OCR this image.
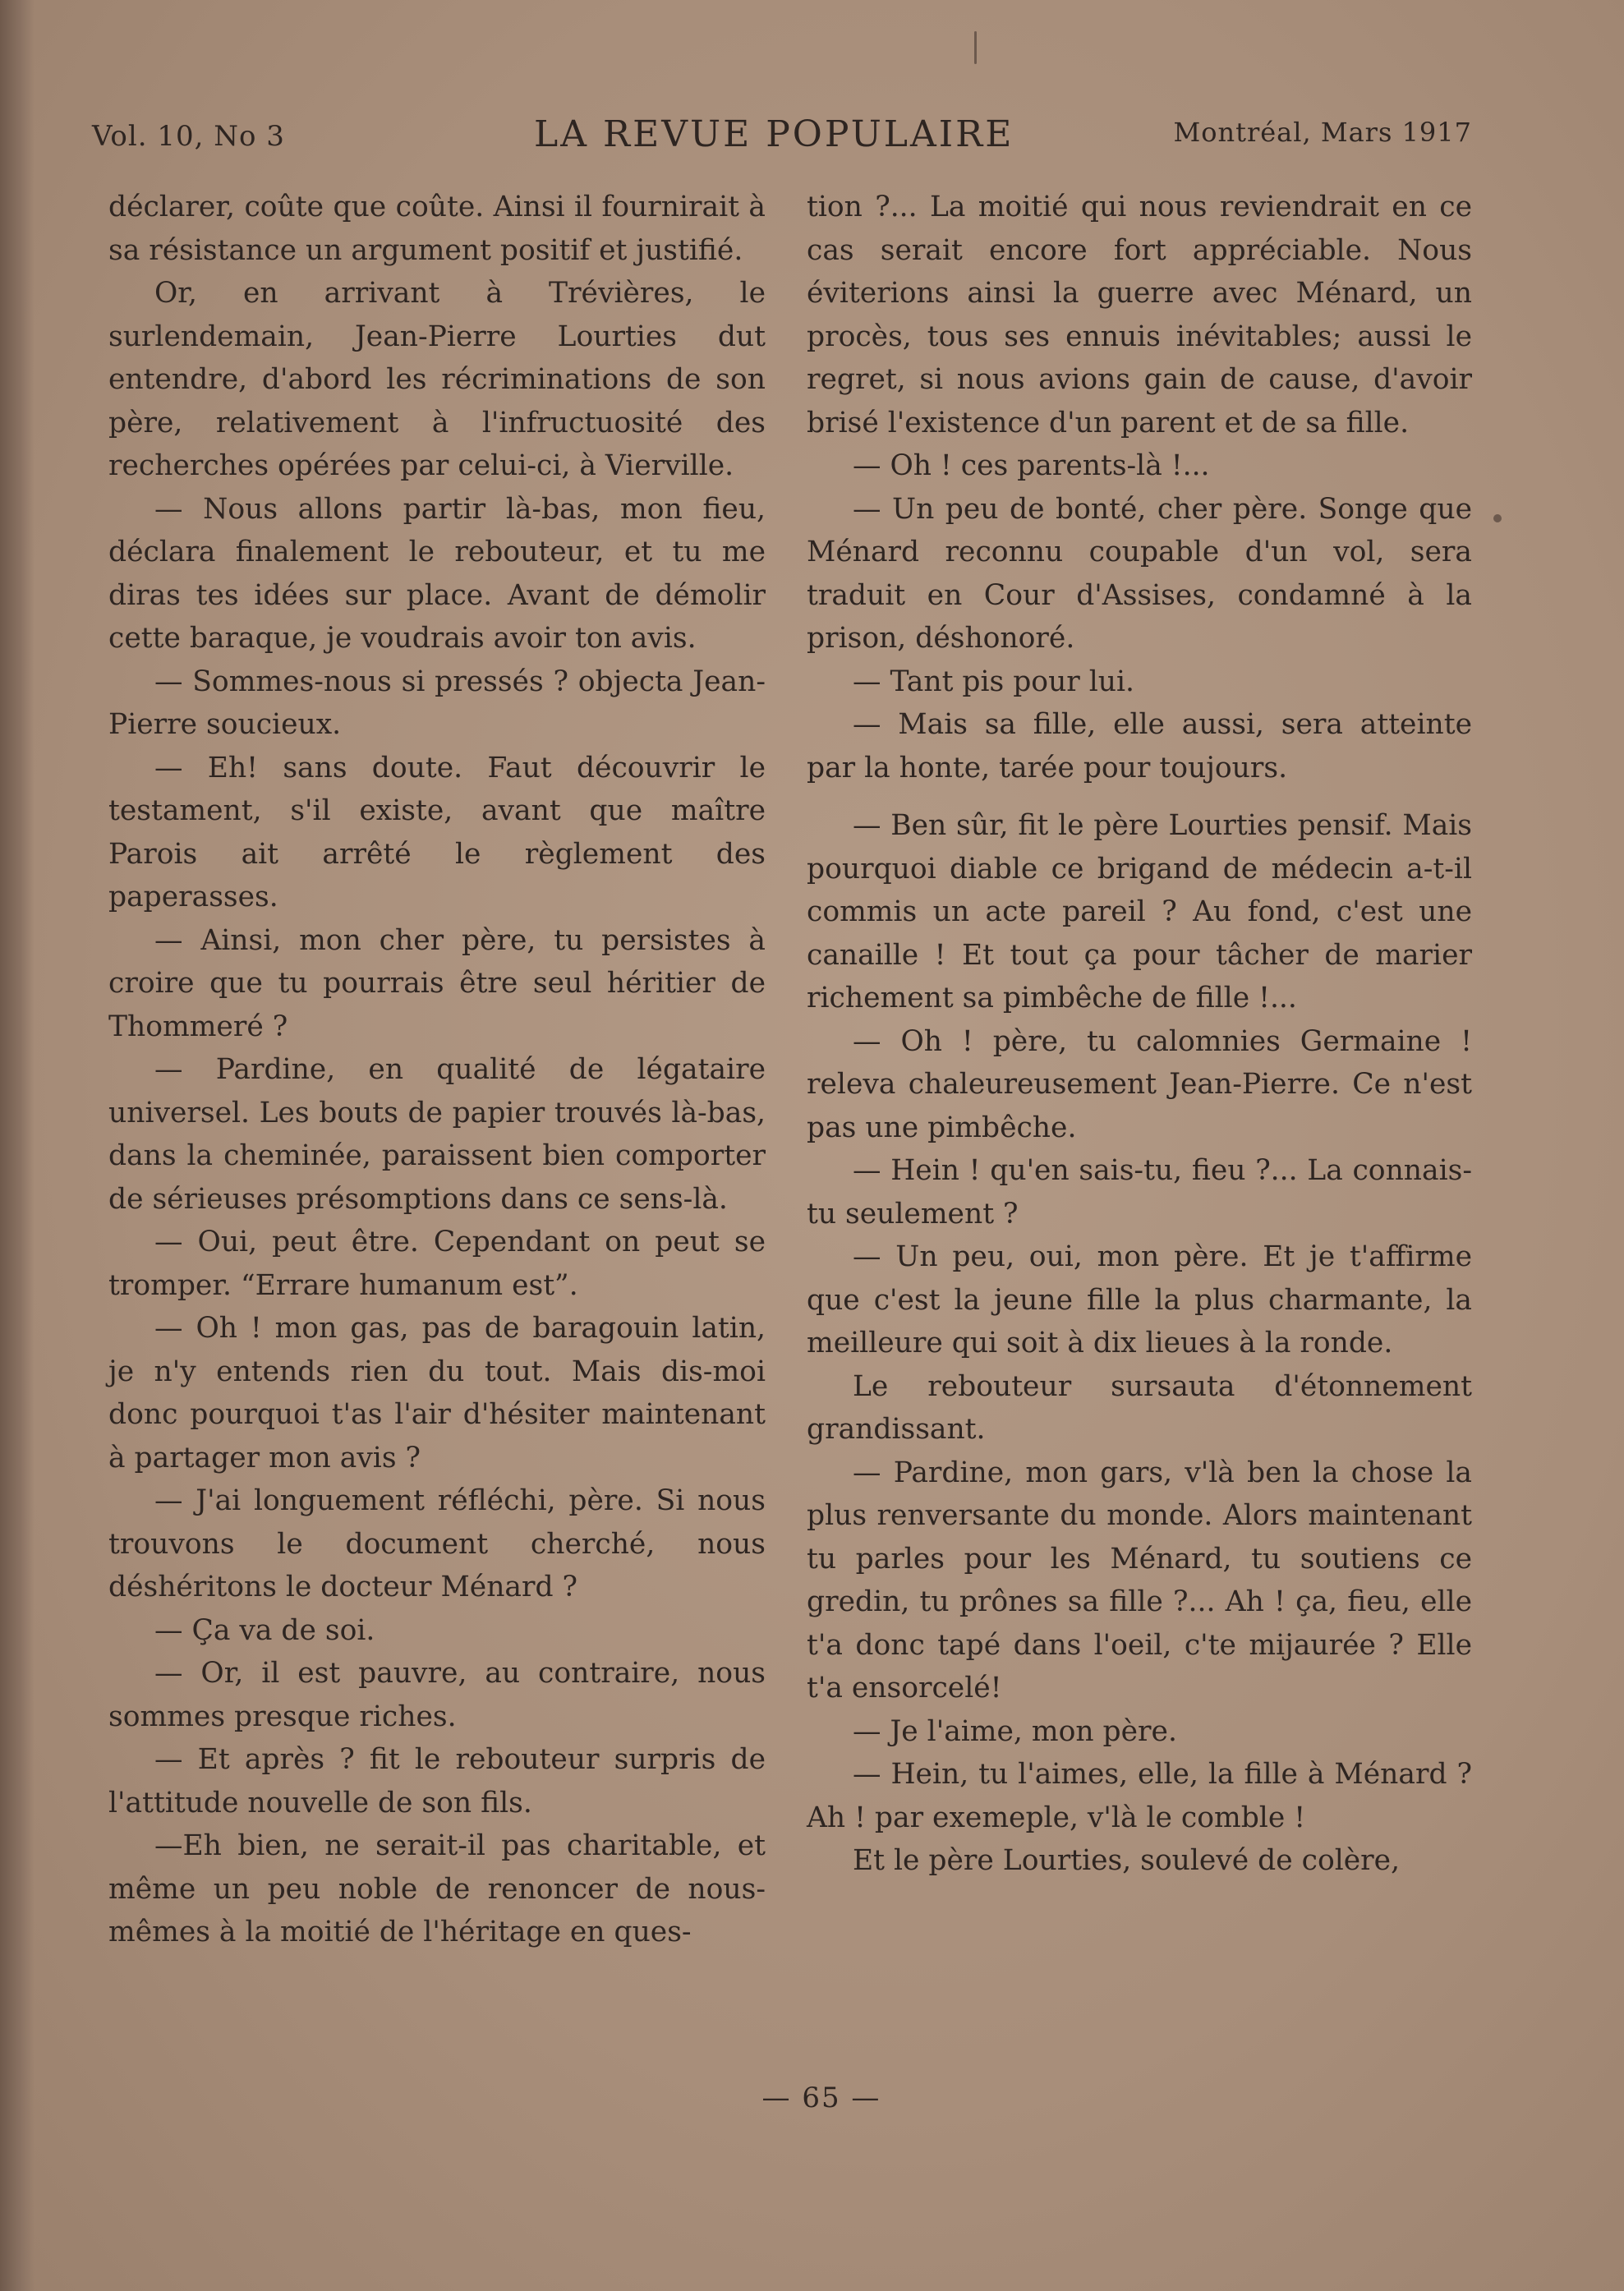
Vol. 10, No 3	LA REVUE POPULAIRE	Montréal, Mars 1917

déclarer, coûte que coûte. Ainsi il fournirait à sa résistance un argument positif et justifié.

Or, en arrivant à Trévières, le surlendemain, Jean-Pierre Lourties dut entendre, d'abord les récriminations de son père, relativement à l'infructuosité des recherches opérées par celui-ci, à Vierville.

— Nous allons partir là-bas, mon fieu, déclara finalement le rebouteur, et tu me diras tes idées sur place. Avant de démolir cette baraque, je voudrais avoir ton avis.

— Sommes-nous si pressés ? objecta Jean-Pierre soucieux.

— Eh! sans doute. Faut découvrir le testament, s'il existe, avant que maître Parois ait arrêté le règlement des paperasses.

— Ainsi, mon cher père, tu persistes à croire que tu pourrais être seul héritier de Thommeré ?

— Pardine, en qualité de légataire universel. Les bouts de papier trouvés là-bas, dans la cheminée, paraissent bien comporter de sérieuses présomptions dans ce sens-là.

— Oui, peut être. Cependant on peut se tromper. “Errare humanum est”.

— Oh ! mon gas, pas de baragouin latin, je n'y entends rien du tout. Mais dis-moi donc pourquoi t'as l'air d'hésiter maintenant à partager mon avis ?

— J'ai longuement réfléchi, père. Si nous trouvons le document cherché, nous déshéritons le docteur Ménard ?

— Ça va de soi.

— Or, il est pauvre, au contraire, nous sommes presque riches.

— Et après ? fit le rebouteur surpris de l'attitude nouvelle de son fils.

—Eh bien, ne serait-il pas charitable, et même un peu noble de renoncer de nous-mêmes à la moitié de l'héritage en ques-

tion ?... La moitié qui nous reviendrait en ce cas serait encore fort appréciable. Nous éviterions ainsi la guerre avec Ménard, un procès, tous ses ennuis inévitables; aussi le regret, si nous avions gain de cause, d'avoir brisé l'existence d'un parent et de sa fille.

— Oh ! ces parents-là !...

— Un peu de bonté, cher père. Songe que Ménard reconnu coupable d'un vol, sera traduit en Cour d'Assises, condamné à la prison, déshonoré.

— Tant pis pour lui.

— Mais sa fille, elle aussi, sera atteinte par la honte, tarée pour toujours.

— Ben sûr, fit le père Lourties pensif. Mais pourquoi diable ce brigand de médecin a-t-il commis un acte pareil ? Au fond, c'est une canaille ! Et tout ça pour tâcher de marier richement sa pimbêche de fille !...

— Oh ! père, tu calomnies Germaine ! releva chaleureusement Jean-Pierre. Ce n'est pas une pimbêche.

— Hein ! qu'en sais-tu, fieu ?... La connais-tu seulement ?

— Un peu, oui, mon père. Et je t'affirme que c'est la jeune fille la plus charmante, la meilleure qui soit à dix lieues à la ronde.

Le rebouteur sursauta d'étonnement grandissant.

— Pardine, mon gars, v'là ben la chose la plus renversante du monde. Alors maintenant tu parles pour les Ménard, tu soutiens ce gredin, tu prônes sa fille ?... Ah ! ça, fieu, elle t'a donc tapé dans l'oeil, c'te mijaurée ? Elle t'a ensorcelé!

— Je l'aime, mon père.

— Hein, tu l'aimes, elle, la fille à Ménard ? Ah ! par exemeple, v'là le comble !

Et le père Lourties, soulevé de colère,

— 65 —
